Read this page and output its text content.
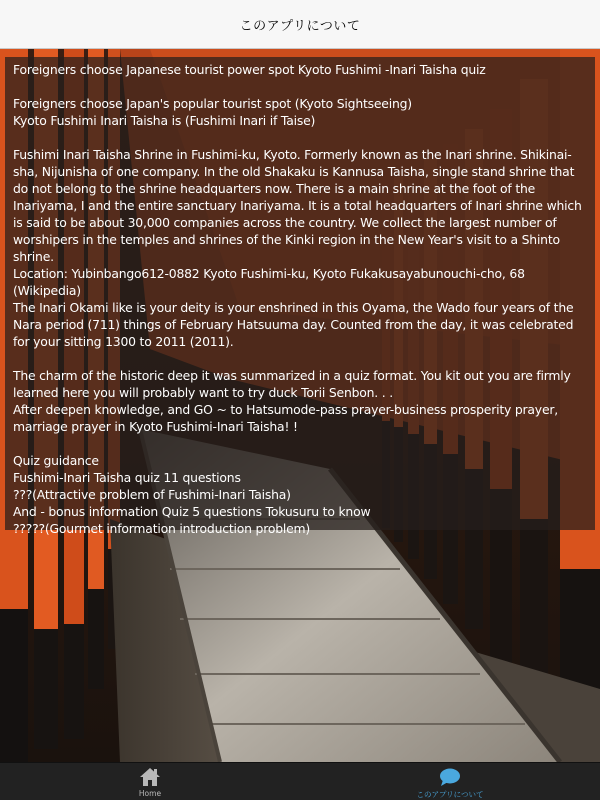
このアプリについて

Foreigners choose Japanese tourist power spot Kyoto Fushimi -Inari Taisha quiz

Foreigners choose Japan's popular tourist spot (Kyoto Sightseeing)

Kyoto Fushimi Inari Taisha is (Fushimi Inari if Taise)

Fushimi Inari Taisha Shrine in Fushimi-ku, Kyoto. Formerly known as the Inari shrine. Shikinai-sha, Nijunisha of one company. In the old Shakaku is Kannusa Taisha, single stand shrine that do not belong to the shrine headquarters now. There is a main shrine at the foot of the Inariyama, I and the entire sanctuary Inariyama. It is a total headquarters of Inari shrine which is said to be about 30,000 companies across the country. We collect the largest number of worshipers in the temples and shrines of the Kinki region in the New Year's visit to a Shinto shrine.

Location: Yubinbango612-0882 Kyoto Fushimi-ku, Kyoto Fukakusayabunouchi-cho, 68 (Wikipedia)

The Inari Okami like is your deity is your enshrined in this Oyama, the Wado four years of the Nara period (711) things of February Hatsuuma day. Counted from the day, it was celebrated for your sitting 1300 to 2011 (2011).

The charm of the historic deep it was summarized in a quiz format. You kit out you are firmly learned here you will probably want to try duck Torii Senbon. . .

After deepen knowledge, and GO ~ to Hatsumode-pass prayer-business prosperity prayer, marriage prayer in Kyoto Fushimi-Inari Taisha! !

Quiz guidance

Fushimi-Inari Taisha quiz 11 questions

???(Attractive problem of Fushimi-Inari Taisha)

And - bonus information Quiz 5 questions Tokusuru to know

?????(Gourmet information introduction problem)

Home	このアプリについて
